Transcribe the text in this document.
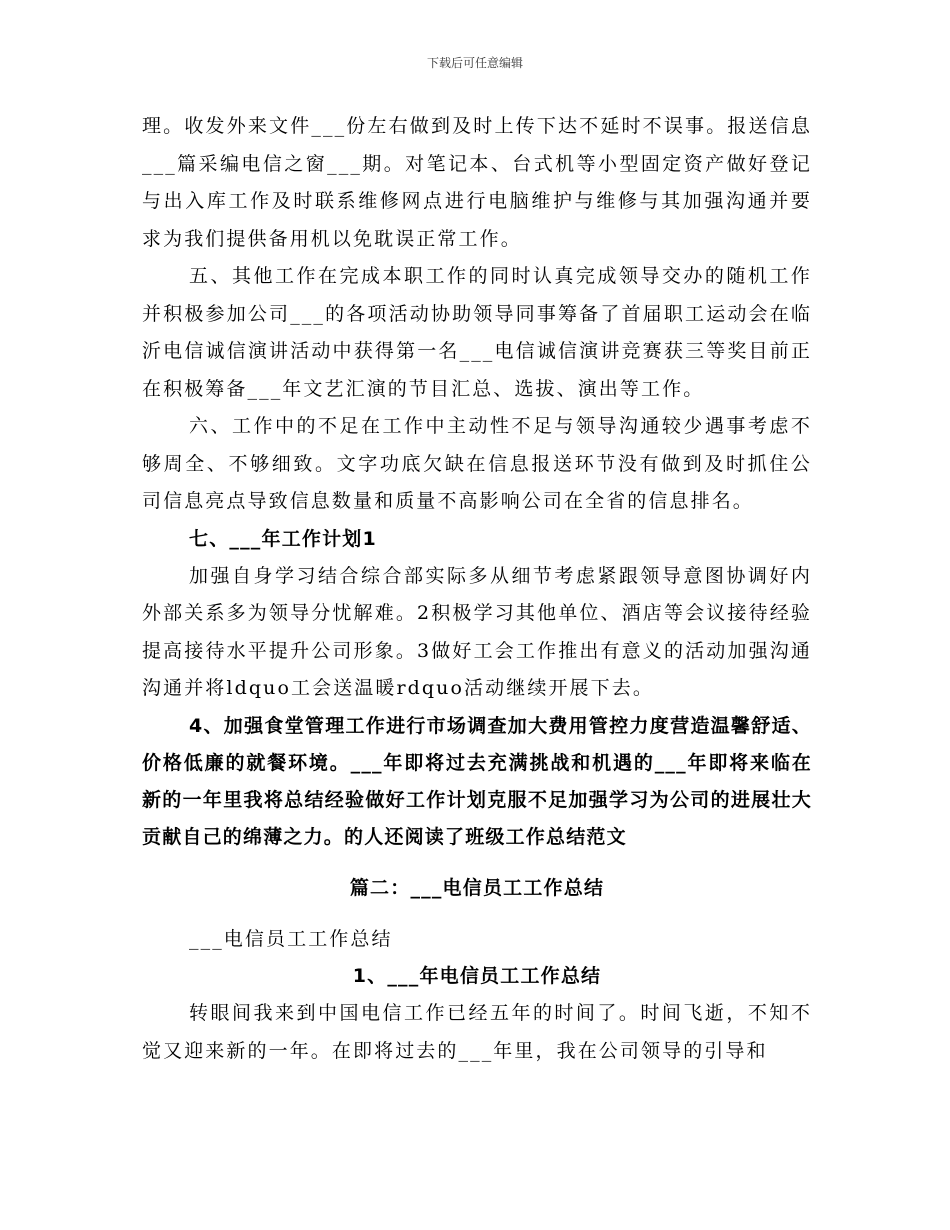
下载后可任意编辑

理。收发外来文件___份左右做到及时上传下达不延时不误事。报送信息___篇采编电信之窗___期。对笔记本、台式机等小型固定资产做好登记与出入库工作及时联系维修网点进行电脑维护与维修与其加强沟通并要求为我们提供备用机以免耽误正常工作。

五、其他工作在完成本职工作的同时认真完成领导交办的随机工作并积极参加公司___的各项活动协助领导同事筹备了首届职工运动会在临沂电信诚信演讲活动中获得第一名___电信诚信演讲竞赛获三等奖目前正在积极筹备___年文艺汇演的节目汇总、选拔、演出等工作。

六、工作中的不足在工作中主动性不足与领导沟通较少遇事考虑不够周全、不够细致。文字功底欠缺在信息报送环节没有做到及时抓住公司信息亮点导致信息数量和质量不高影响公司在全省的信息排名。

七、___年工作计划1

加强自身学习结合综合部实际多从细节考虑紧跟领导意图协调好内外部关系多为领导分忧解难。2积极学习其他单位、酒店等会议接待经验提高接待水平提升公司形象。3做好工会工作推出有意义的活动加强沟通沟通并将ldquo工会送温暖rdquo活动继续开展下去。

4、加强食堂管理工作进行市场调查加大费用管控力度营造温馨舒适、价格低廉的就餐环境。___年即将过去充满挑战和机遇的___年即将来临在新的一年里我将总结经验做好工作计划克服不足加强学习为公司的进展壮大贡献自己的绵薄之力。的人还阅读了班级工作总结范文

篇二：___电信员工工作总结

___电信员工工作总结

1、___年电信员工工作总结

转眼间我来到中国电信工作已经五年的时间了。时间飞逝，不知不觉又迎来新的一年。在即将过去的___年里，我在公司领导的引导和
